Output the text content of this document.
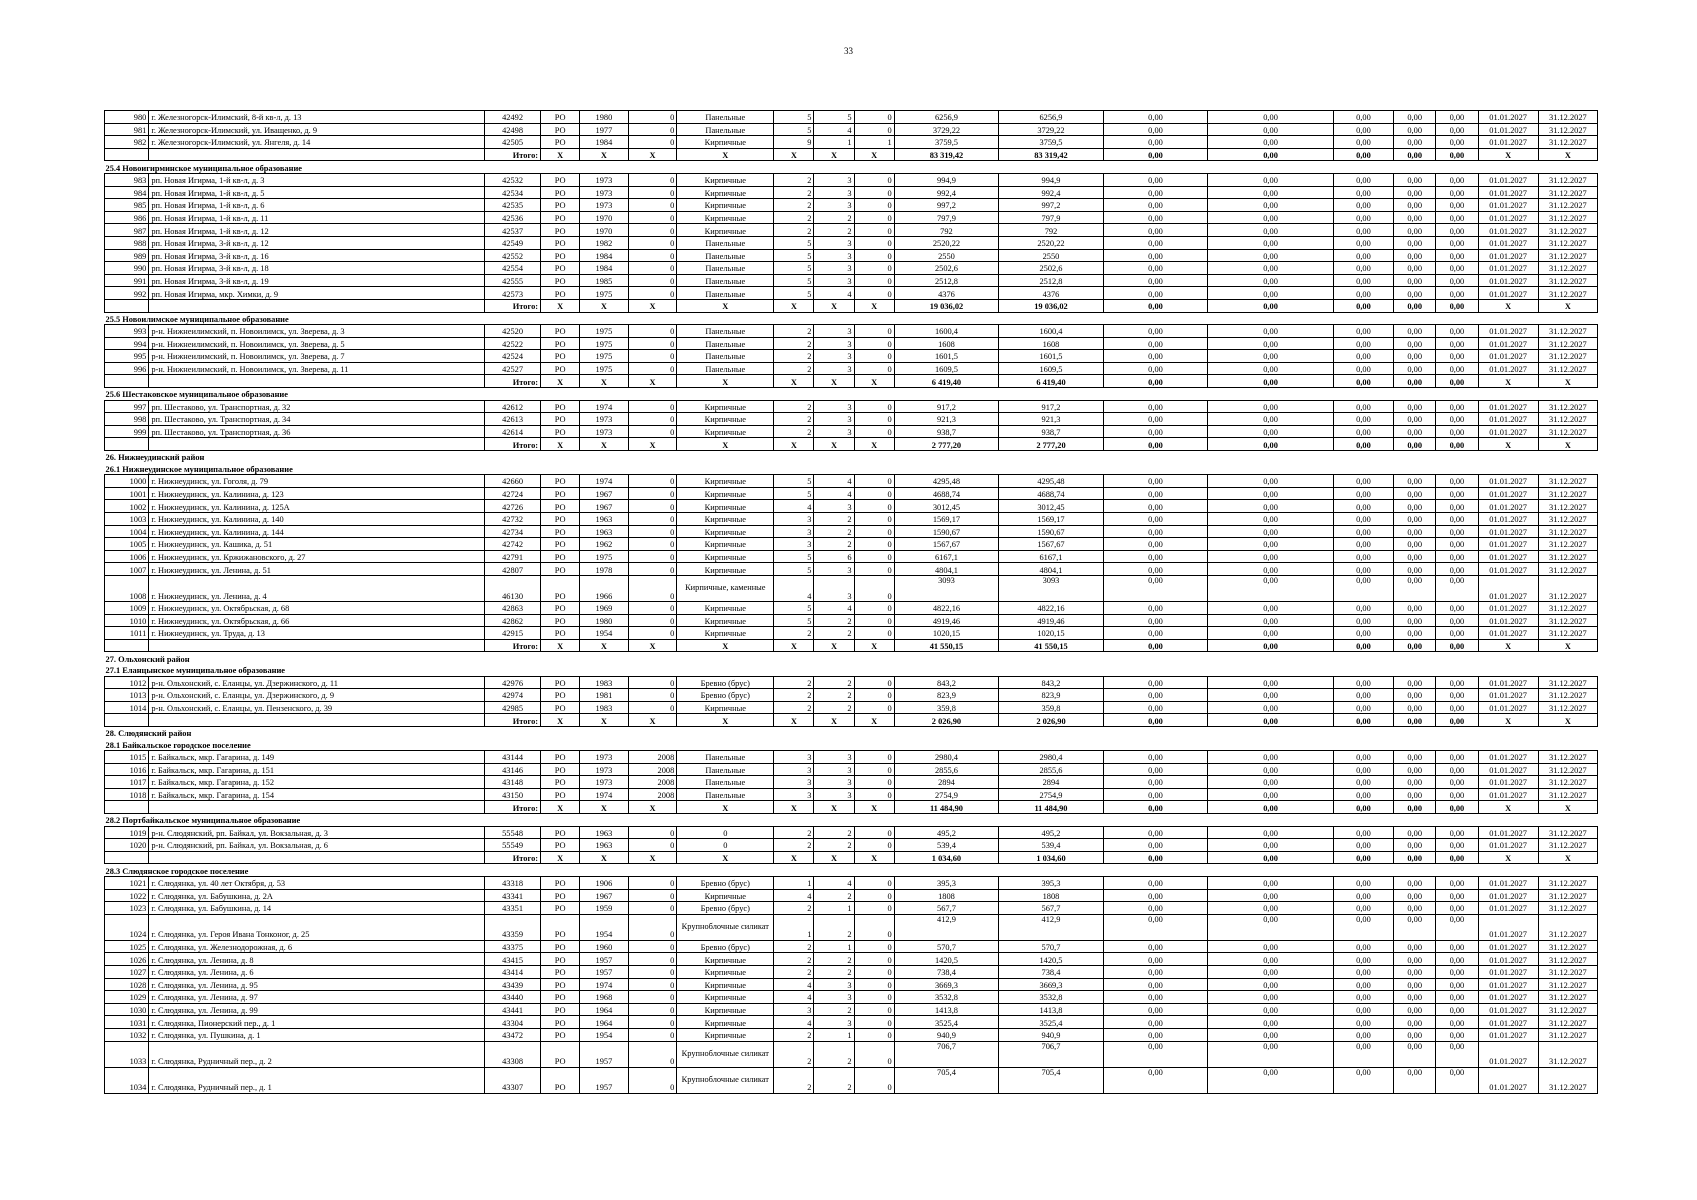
33
980	г. Железногорск-Илимский, 8-й кв-л, д. 13	42492	РО	1980	0	Панельные	5	5	0	6256,9	6256,9	0,00	0,00	0,00	0,00	0,00	01.01.2027	31.12.2027
981	г. Железногорск-Илимский, ул. Иващенко, д. 9	42498	РО	1977	0	Панельные	5	4	0	3729,22	3729,22	0,00	0,00	0,00	0,00	0,00	01.01.2027	31.12.2027
982	г. Железногорск-Илимский, ул. Янгеля, д. 14	42505	РО	1984	0	Кирпичные	9	1	1	3759,5	3759,5	0,00	0,00	0,00	0,00	0,00	01.01.2027	31.12.2027
		Итого:	Х	Х	Х	Х	Х	Х	Х	83 319,42	83 319,42	0,00	0,00	0,00	0,00	0,00	Х	Х
25.4 Новоигирминское муниципальное образование																		
983	рп. Новая Игирма, 1-й кв-л, д. 3	42532	РО	1973	0	Кирпичные	2	3	0	994,9	994,9	0,00	0,00	0,00	0,00	0,00	01.01.2027	31.12.2027
984	рп. Новая Игирма, 1-й кв-л, д. 5	42534	РО	1973	0	Кирпичные	2	3	0	992,4	992,4	0,00	0,00	0,00	0,00	0,00	01.01.2027	31.12.2027
985	рп. Новая Игирма, 1-й кв-л, д. 6	42535	РО	1973	0	Кирпичные	2	3	0	997,2	997,2	0,00	0,00	0,00	0,00	0,00	01.01.2027	31.12.2027
986	рп. Новая Игирма, 1-й кв-л, д. 11	42536	РО	1970	0	Кирпичные	2	2	0	797,9	797,9	0,00	0,00	0,00	0,00	0,00	01.01.2027	31.12.2027
987	рп. Новая Игирма, 1-й кв-л, д. 12	42537	РО	1970	0	Кирпичные	2	2	0	792	792	0,00	0,00	0,00	0,00	0,00	01.01.2027	31.12.2027
988	рп. Новая Игирма, 3-й кв-л, д. 12	42549	РО	1982	0	Панельные	5	3	0	2520,22	2520,22	0,00	0,00	0,00	0,00	0,00	01.01.2027	31.12.2027
989	рп. Новая Игирма, 3-й кв-л, д. 16	42552	РО	1984	0	Панельные	5	3	0	2550	2550	0,00	0,00	0,00	0,00	0,00	01.01.2027	31.12.2027
990	рп. Новая Игирма, 3-й кв-л, д. 18	42554	РО	1984	0	Панельные	5	3	0	2502,6	2502,6	0,00	0,00	0,00	0,00	0,00	01.01.2027	31.12.2027
991	рп. Новая Игирма, 3-й кв-л, д. 19	42555	РО	1985	0	Панельные	5	3	0	2512,8	2512,8	0,00	0,00	0,00	0,00	0,00	01.01.2027	31.12.2027
992	рп. Новая Игирма, мкр. Химки, д. 9	42573	РО	1975	0	Панельные	5	4	0	4376	4376	0,00	0,00	0,00	0,00	0,00	01.01.2027	31.12.2027
		Итого:	Х	Х	Х	Х	Х	Х	Х	19 036,02	19 036,02	0,00	0,00	0,00	0,00	0,00	Х	Х
25.5 Новоилимское муниципальное образование																		
993	р-н. Нижнеилимский, п. Новоилимск, ул. Зверева, д. 3	42520	РО	1975	0	Панельные	2	3	0	1600,4	1600,4	0,00	0,00	0,00	0,00	0,00	01.01.2027	31.12.2027
994	р-н. Нижнеилимский, п. Новоилимск, ул. Зверева, д. 5	42522	РО	1975	0	Панельные	2	3	0	1608	1608	0,00	0,00	0,00	0,00	0,00	01.01.2027	31.12.2027
995	р-н. Нижнеилимский, п. Новоилимск, ул. Зверева, д. 7	42524	РО	1975	0	Панельные	2	3	0	1601,5	1601,5	0,00	0,00	0,00	0,00	0,00	01.01.2027	31.12.2027
996	р-н. Нижнеилимский, п. Новоилимск, ул. Зверева, д. 11	42527	РО	1975	0	Панельные	2	3	0	1609,5	1609,5	0,00	0,00	0,00	0,00	0,00	01.01.2027	31.12.2027
		Итого:	Х	Х	Х	Х	Х	Х	Х	6 419,40	6 419,40	0,00	0,00	0,00	0,00	0,00	Х	Х
25.6 Шестаковское муниципальное образование																		
997	рп. Шестаково, ул. Транспортная, д. 32	42612	РО	1974	0	Кирпичные	2	3	0	917,2	917,2	0,00	0,00	0,00	0,00	0,00	01.01.2027	31.12.2027
998	рп. Шестаково, ул. Транспортная, д. 34	42613	РО	1973	0	Кирпичные	2	3	0	921,3	921,3	0,00	0,00	0,00	0,00	0,00	01.01.2027	31.12.2027
999	рп. Шестаково, ул. Транспортная, д. 36	42614	РО	1973	0	Кирпичные	2	3	0	938,7	938,7	0,00	0,00	0,00	0,00	0,00	01.01.2027	31.12.2027
		Итого:	Х	Х	Х	Х	Х	Х	Х	2 777,20	2 777,20	0,00	0,00	0,00	0,00	0,00	Х	Х
26. Нижнеудинский район																		
26.1 Нижнеудинское муниципальное образование																		
1000	г. Нижнеудинск, ул. Гоголя, д. 79	42660	РО	1974	0	Кирпичные	5	4	0	4295,48	4295,48	0,00	0,00	0,00	0,00	0,00	01.01.2027	31.12.2027
1001	г. Нижнеудинск, ул. Калинина, д. 123	42724	РО	1967	0	Кирпичные	5	4	0	4688,74	4688,74	0,00	0,00	0,00	0,00	0,00	01.01.2027	31.12.2027
1002	г. Нижнеудинск, ул. Калинина, д. 125А	42726	РО	1967	0	Кирпичные	4	3	0	3012,45	3012,45	0,00	0,00	0,00	0,00	0,00	01.01.2027	31.12.2027
1003	г. Нижнеудинск, ул. Калинина, д. 140	42732	РО	1963	0	Кирпичные	3	2	0	1569,17	1569,17	0,00	0,00	0,00	0,00	0,00	01.01.2027	31.12.2027
1004	г. Нижнеудинск, ул. Калинина, д. 144	42734	РО	1963	0	Кирпичные	3	2	0	1590,67	1590,67	0,00	0,00	0,00	0,00	0,00	01.01.2027	31.12.2027
1005	г. Нижнеудинск, ул. Кашика, д. 51	42742	РО	1962	0	Кирпичные	3	2	0	1567,67	1567,67	0,00	0,00	0,00	0,00	0,00	01.01.2027	31.12.2027
1006	г. Нижнеудинск, ул. Кржижановского, д. 27	42791	РО	1975	0	Кирпичные	5	6	0	6167,1	6167,1	0,00	0,00	0,00	0,00	0,00	01.01.2027	31.12.2027
1007	г. Нижнеудинск, ул. Ленина, д. 51	42807	РО	1978	0	Кирпичные	5	3	0	4804,1	4804,1	0,00	0,00	0,00	0,00	0,00	01.01.2027	31.12.2027
1008	г. Нижнеудинск, ул. Ленина, д. 4	46130	РО	1966	0	Кирпичные, каменные	4	3	0	3093	3093	0,00	0,00	0,00	0,00	0,00	01.01.2027	31.12.2027
1009	г. Нижнеудинск, ул. Октябрьская, д. 68	42863	РО	1969	0	Кирпичные	5	4	0	4822,16	4822,16	0,00	0,00	0,00	0,00	0,00	01.01.2027	31.12.2027
1010	г. Нижнеудинск, ул. Октябрьская, д. 66	42862	РО	1980	0	Кирпичные	5	2	0	4919,46	4919,46	0,00	0,00	0,00	0,00	0,00	01.01.2027	31.12.2027
1011	г. Нижнеудинск, ул. Труда, д. 13	42915	РО	1954	0	Кирпичные	2	2	0	1020,15	1020,15	0,00	0,00	0,00	0,00	0,00	01.01.2027	31.12.2027
		Итого:	Х	Х	Х	Х	Х	Х	Х	41 550,15	41 550,15	0,00	0,00	0,00	0,00	0,00	Х	Х
27. Ольхонский район																		
27.1 Еланцынское муниципальное образование																		
1012	р-н. Ольхонский, с. Еланцы, ул. Дзержинского, д. 11	42976	РО	1983	0	Бревно (брус)	2	2	0	843,2	843,2	0,00	0,00	0,00	0,00	0,00	01.01.2027	31.12.2027
1013	р-н. Ольхонский, с. Еланцы, ул. Дзержинского, д. 9	42974	РО	1981	0	Бревно (брус)	2	2	0	823,9	823,9	0,00	0,00	0,00	0,00	0,00	01.01.2027	31.12.2027
1014	р-н. Ольхонский, с. Еланцы, ул. Пензенского, д. 39	42985	РО	1983	0	Кирпичные	2	2	0	359,8	359,8	0,00	0,00	0,00	0,00	0,00	01.01.2027	31.12.2027
		Итого:	Х	Х	Х	Х	Х	Х	Х	2 026,90	2 026,90	0,00	0,00	0,00	0,00	0,00	Х	Х
28. Слюдянский район																		
28.1 Байкальское городское поселение																		
1015	г. Байкальск, мкр. Гагарина, д. 149	43144	РО	1973	2008	Панельные	3	3	0	2980,4	2980,4	0,00	0,00	0,00	0,00	0,00	01.01.2027	31.12.2027
1016	г. Байкальск, мкр. Гагарина, д. 151	43146	РО	1973	2008	Панельные	3	3	0	2855,6	2855,6	0,00	0,00	0,00	0,00	0,00	01.01.2027	31.12.2027
1017	г. Байкальск, мкр. Гагарина, д. 152	43148	РО	1973	2008	Панельные	3	3	0	2894	2894	0,00	0,00	0,00	0,00	0,00	01.01.2027	31.12.2027
1018	г. Байкальск, мкр. Гагарина, д. 154	43150	РО	1974	2008	Панельные	3	3	0	2754,9	2754,9	0,00	0,00	0,00	0,00	0,00	01.01.2027	31.12.2027
		Итого:	Х	Х	Х	Х	Х	Х	Х	11 484,90	11 484,90	0,00	0,00	0,00	0,00	0,00	Х	Х
28.2 Портбайкальское муниципальное образование																		
1019	р-н. Слюдянский, рп. Байкал, ул. Вокзальная, д. 3	55548	РО	1963	0	0	2	2	0	495,2	495,2	0,00	0,00	0,00	0,00	0,00	01.01.2027	31.12.2027
1020	р-н. Слюдянский, рп. Байкал, ул. Вокзальная, д. 6	55549	РО	1963	0	0	2	2	0	539,4	539,4	0,00	0,00	0,00	0,00	0,00	01.01.2027	31.12.2027
		Итого:	Х	Х	Х	Х	Х	Х	Х	1 034,60	1 034,60	0,00	0,00	0,00	0,00	0,00	Х	Х
28.3 Слюдянское городское поселение																		
1021	г. Слюдянка, ул. 40 лет Октября, д. 53	43318	РО	1906	0	Бревно (брус)	1	4	0	395,3	395,3	0,00	0,00	0,00	0,00	0,00	01.01.2027	31.12.2027
1022	г. Слюдянка, ул. Бабушкина, д. 2А	43341	РО	1967	0	Кирпичные	4	2	0	1808	1808	0,00	0,00	0,00	0,00	0,00	01.01.2027	31.12.2027
1023	г. Слюдянка, ул. Бабушкина, д. 14	43351	РО	1959	0	Бревно (брус)	2	1	0	567,7	567,7	0,00	0,00	0,00	0,00	0,00	01.01.2027	31.12.2027
1024	г. Слюдянка, ул. Героя Ивана Тонконог, д. 25	43359	РО	1954	0	Крупноблочные силикат	1	2	0	412,9	412,9	0,00	0,00	0,00	0,00	0,00	01.01.2027	31.12.2027
1025	г. Слюдянка, ул. Железнодорожная, д. 6	43375	РО	1960	0	Бревно (брус)	2	1	0	570,7	570,7	0,00	0,00	0,00	0,00	0,00	01.01.2027	31.12.2027
1026	г. Слюдянка, ул. Ленина, д. 8	43415	РО	1957	0	Кирпичные	2	2	0	1420,5	1420,5	0,00	0,00	0,00	0,00	0,00	01.01.2027	31.12.2027
1027	г. Слюдянка, ул. Ленина, д. 6	43414	РО	1957	0	Кирпичные	2	2	0	738,4	738,4	0,00	0,00	0,00	0,00	0,00	01.01.2027	31.12.2027
1028	г. Слюдянка, ул. Ленина, д. 95	43439	РО	1974	0	Кирпичные	4	3	0	3669,3	3669,3	0,00	0,00	0,00	0,00	0,00	01.01.2027	31.12.2027
1029	г. Слюдянка, ул. Ленина, д. 97	43440	РО	1968	0	Кирпичные	4	3	0	3532,8	3532,8	0,00	0,00	0,00	0,00	0,00	01.01.2027	31.12.2027
1030	г. Слюдянка, ул. Ленина, д. 99	43441	РО	1964	0	Кирпичные	3	2	0	1413,8	1413,8	0,00	0,00	0,00	0,00	0,00	01.01.2027	31.12.2027
1031	г. Слюдянка, Пионерский пер., д. 1	43304	РО	1964	0	Кирпичные	4	3	0	3525,4	3525,4	0,00	0,00	0,00	0,00	0,00	01.01.2027	31.12.2027
1032	г. Слюдянка, ул. Пушкина, д. 1	43472	РО	1954	0	Кирпичные	2	1	0	940,9	940,9	0,00	0,00	0,00	0,00	0,00	01.01.2027	31.12.2027
1033	г. Слюдянка, Рудничный пер., д. 2	43308	РО	1957	0	Крупноблочные силикат	2	2	0	706,7	706,7	0,00	0,00	0,00	0,00	0,00	01.01.2027	31.12.2027
1034	г. Слюдянка, Рудничный пер., д. 1	43307	РО	1957	0	Крупноблочные силикат	2	2	0	705,4	705,4	0,00	0,00	0,00	0,00	0,00	01.01.2027	31.12.2027
